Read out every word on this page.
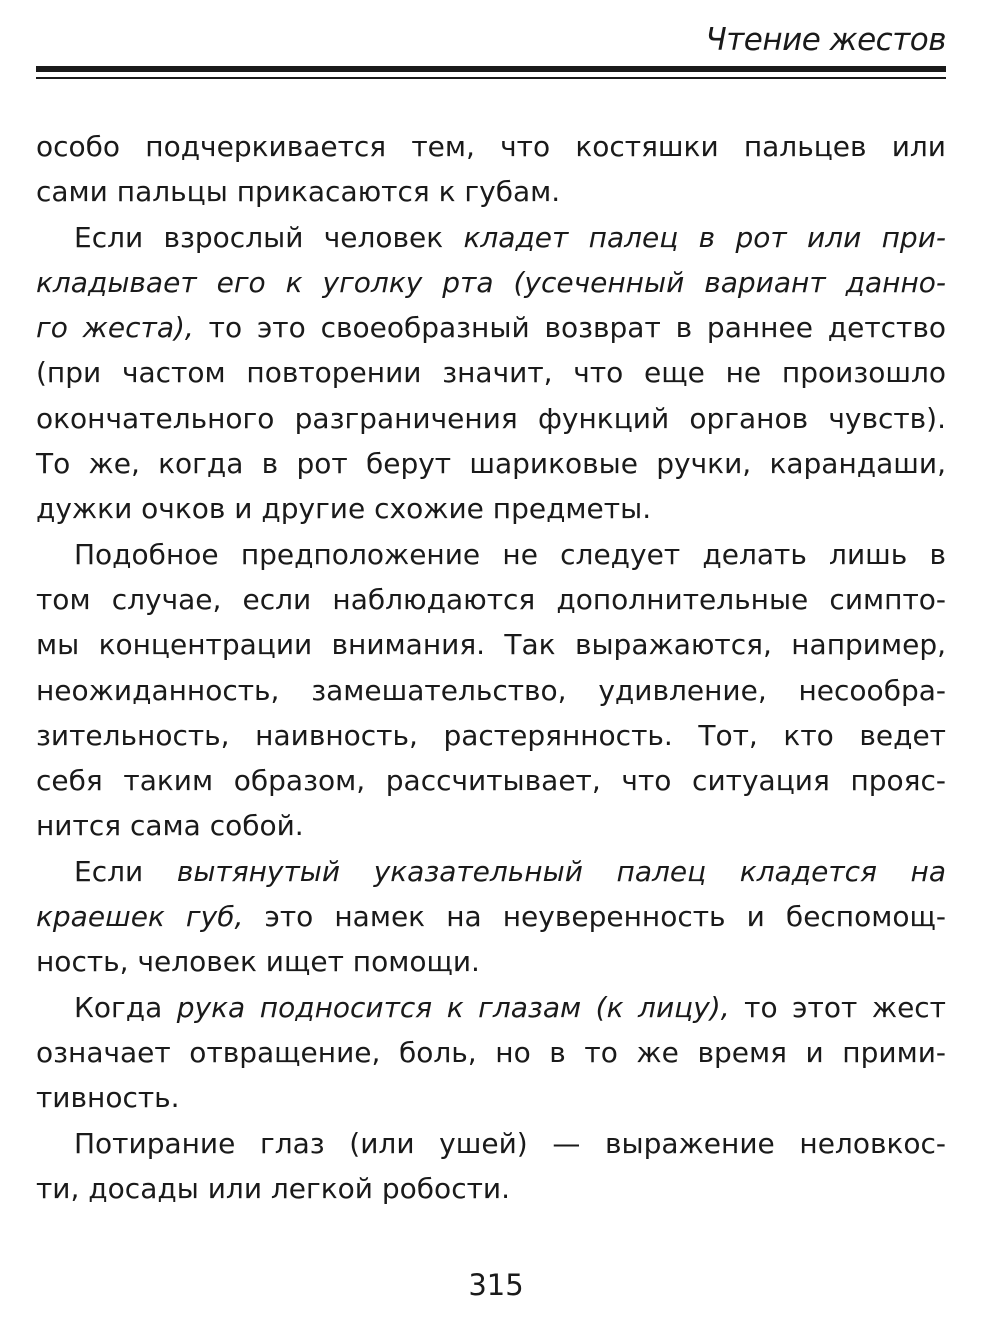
Чтение жестов
особо подчеркивается тем, что костяшки пальцев или
сами пальцы прикасаются к губам.
Если взрослый человек кладет палец в рот или при-
кладывает его к уголку рта (усеченный вариант данно-
го жеста), то это своеобразный возврат в раннее детство
(при частом повторении значит, что еще не произошло
окончательного разграничения функций органов чувств).
То же, когда в рот берут шариковые ручки, карандаши,
дужки очков и другие схожие предметы.
Подобное предположение не следует делать лишь в
том случае, если наблюдаются дополнительные симпто-
мы концентрации внимания. Так выражаются, например,
неожиданность, замешательство, удивление, несообра-
зительность, наивность, растерянность. Тот, кто ведет
себя таким образом, рассчитывает, что ситуация прояс-
нится сама собой.
Если вытянутый указательный палец кладется на
краешек губ, это намек на неуверенность и беспомощ-
ность, человек ищет помощи.
Когда рука подносится к глазам (к лицу), то этот жест
означает отвращение, боль, но в то же время и прими-
тивность.
Потирание глаз (или ушей) — выражение неловкос-
ти, досады или легкой робости.
315
